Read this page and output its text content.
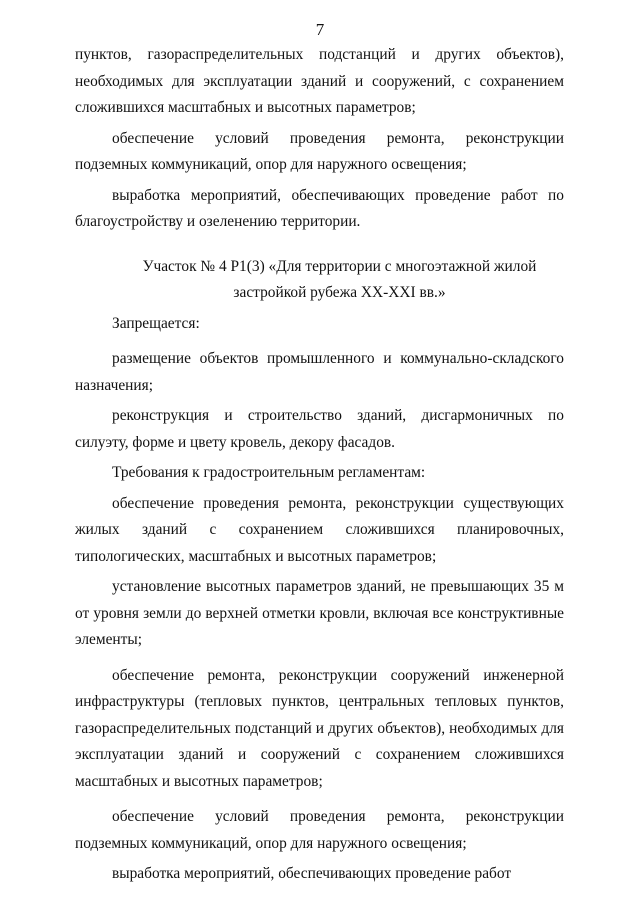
7

пунктов, газораспределительных подстанций и других объектов), необходимых для эксплуатации зданий и сооружений, с сохранением сложившихся масштабных и высотных параметров;

обеспечение условий проведения ремонта, реконструкции подземных коммуникаций, опор для наружного освещения;

выработка мероприятий, обеспечивающих проведение работ по благоустройству и озеленению территории.

Участок № 4 Р1(3) «Для территории с многоэтажной жилой

застройкой рубежа XX-XXI вв.»

Запрещается:

размещение объектов промышленного и коммунально-складского назначения;

реконструкция и строительство зданий, дисгармоничных по силуэту, форме и цвету кровель, декору фасадов.

Требования к градостроительным регламентам:

обеспечение проведения ремонта, реконструкции существующих жилых зданий с сохранением сложившихся планировочных, типологических, масштабных и высотных параметров;

установление высотных параметров зданий, не превышающих 35 м от уровня земли до верхней отметки кровли, включая все конструктивные элементы;

обеспечение ремонта, реконструкции сооружений инженерной инфраструктуры (тепловых пунктов, центральных тепловых пунктов, газораспределительных подстанций и других объектов), необходимых для эксплуатации зданий и сооружений с сохранением сложившихся масштабных и высотных параметров;

обеспечение условий проведения ремонта, реконструкции подземных коммуникаций, опор для наружного освещения;

выработка мероприятий, обеспечивающих проведение работ
